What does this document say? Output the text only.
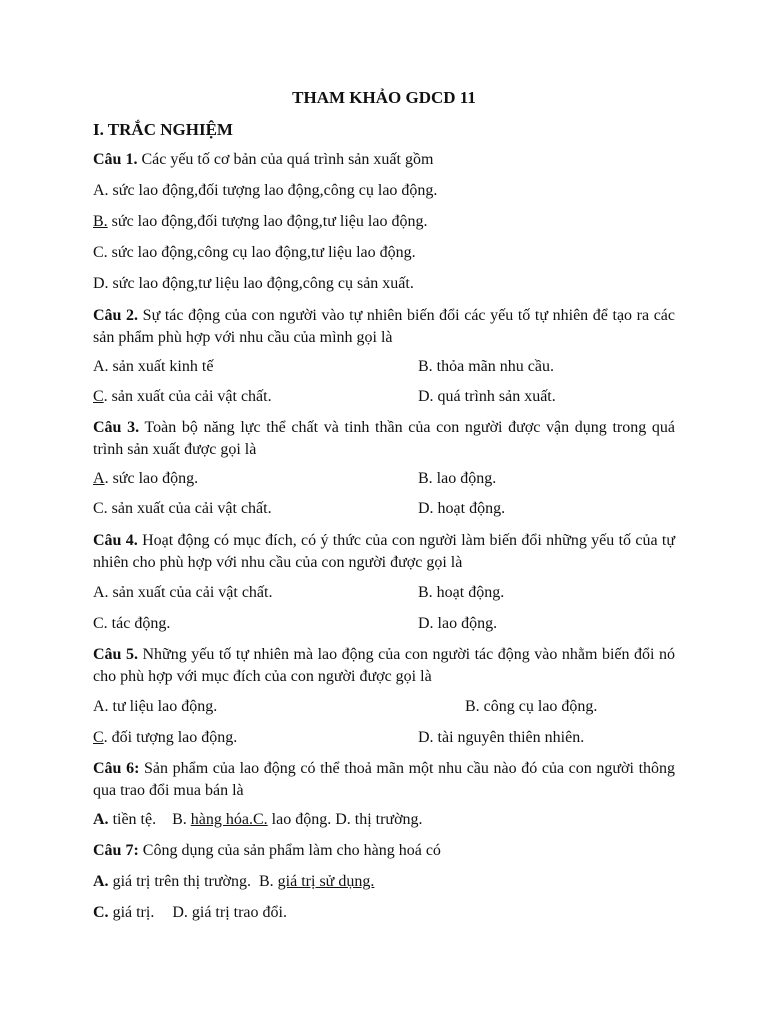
THAM KHẢO GDCD 11
I. TRẮC NGHIỆM
Câu 1. Các yếu tố cơ bản của quá trình sản xuất gồm
A. sức lao động,đối tượng lao động,công cụ lao động.
B. sức lao động,đối tượng lao động,tư liệu lao động.
C. sức lao động,công cụ lao động,tư liệu lao động.
D. sức lao động,tư liệu lao động,công cụ sản xuất.
Câu 2. Sự tác động của con người vào tự nhiên biến đổi các yếu tố tự nhiên để tạo ra các sản phẩm phù hợp với nhu cầu của mình gọi là
A. sản xuất kinh tế	B. thỏa mãn nhu cầu.
C. sản xuất của cải vật chất.	D. quá trình sản xuất.
Câu 3. Toàn bộ năng lực thể chất và tinh thần của con người được vận dụng trong quá trình sản xuất được gọi là
A. sức lao động.	B. lao động.
C. sản xuất của cải vật chất.	D. hoạt động.
Câu 4. Hoạt động có mục đích, có ý thức của con người làm biến đổi những yếu tố của tự nhiên cho phù hợp với nhu cầu của con người được gọi là
A. sản xuất của cải vật chất.	B. hoạt động.
C. tác động.	D. lao động.
Câu 5. Những yếu tố tự nhiên mà lao động của con người tác động vào nhằm biến đổi nó cho phù hợp với mục đích của con người được gọi là
A. tư liệu lao động.	B. công cụ lao động.
C. đối tượng lao động.	D. tài nguyên thiên nhiên.
Câu 6: Sản phẩm của lao động có thể thoả mãn một nhu cầu nào đó của con người thông qua trao đổi mua bán là
A. tiền tệ. B. hàng hóa.C. lao động. D. thị trường.
Câu 7: Công dụng của sản phẩm làm cho hàng hoá có
A. giá trị trên thị trường.  B. giá trị sử dụng.
C. giá trị. D. giá trị trao đổi.
